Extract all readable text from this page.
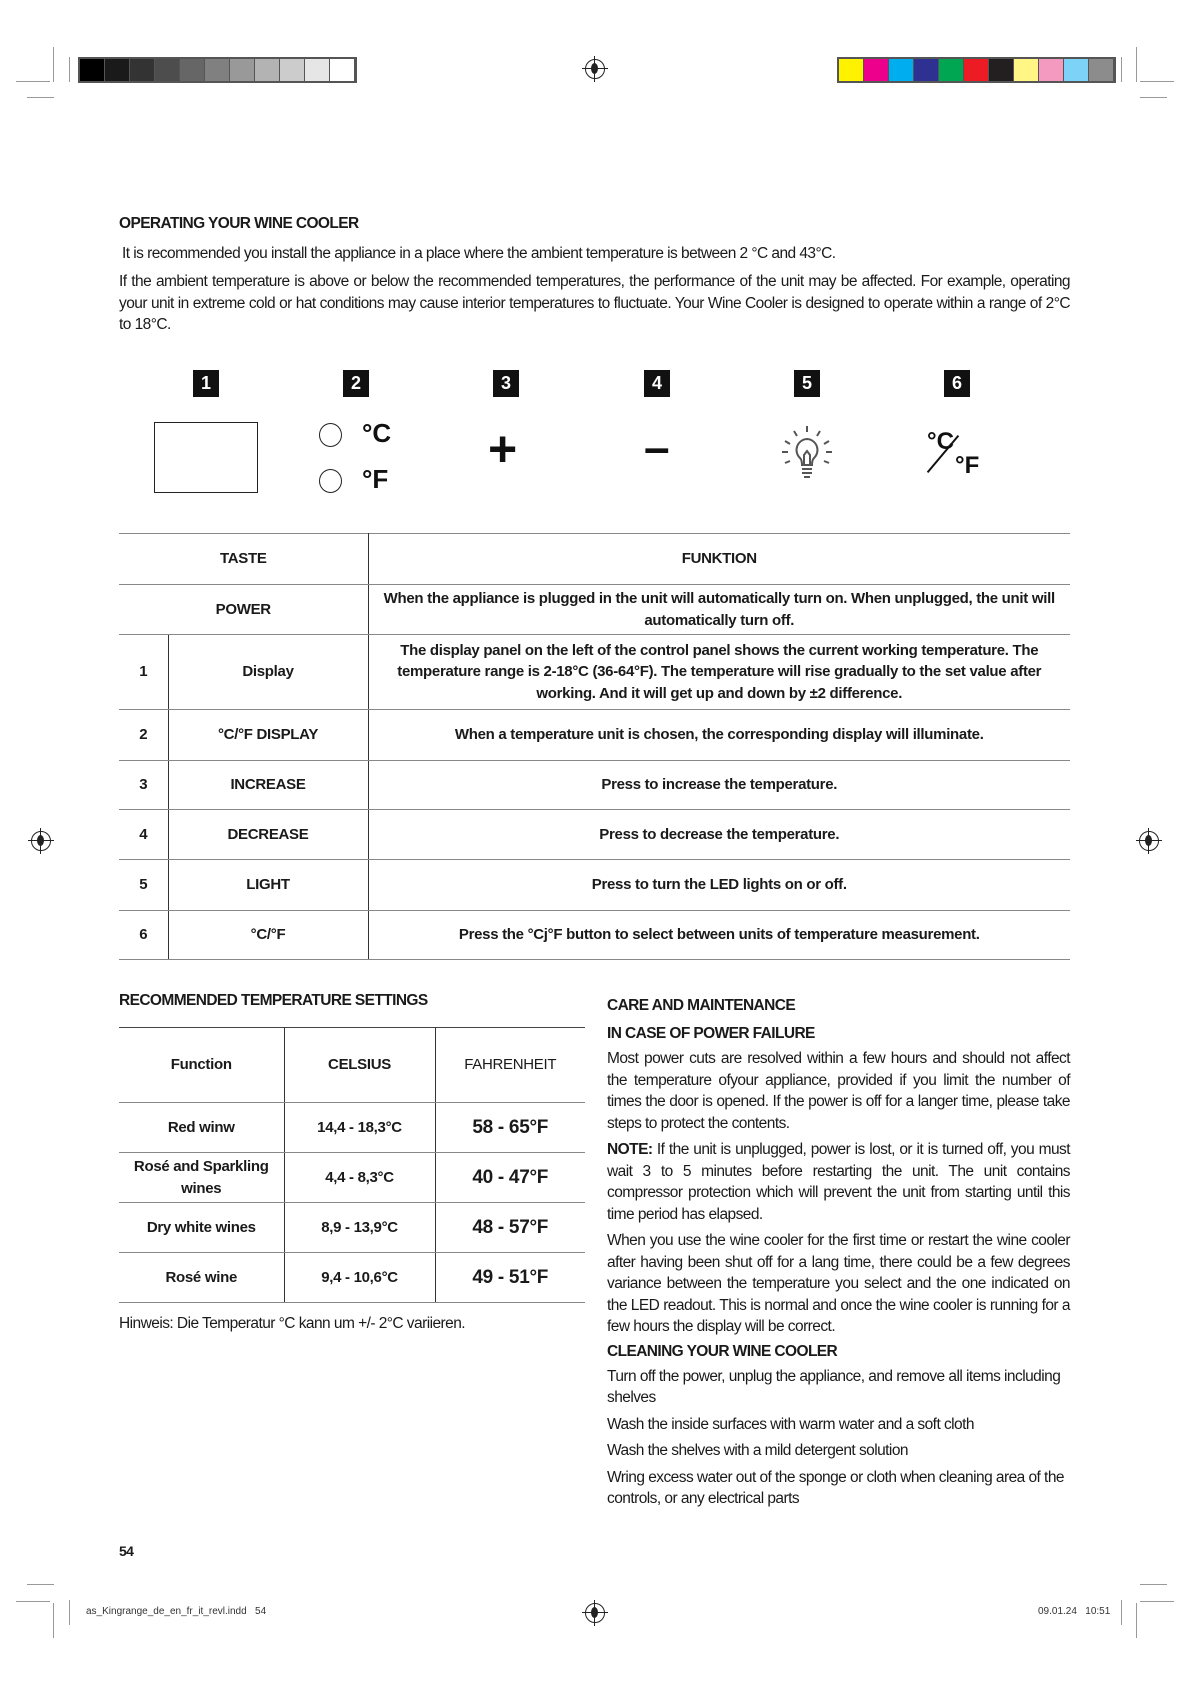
OPERATING YOUR WINE COOLER
It is recommended you install the appliance in a place where the ambient temperature is between 2 °C and 43°C.
If the ambient temperature is above or below the recommended temperatures, the performance of the unit may be affected. For example, operating your unit in extreme cold or hat conditions may cause interior temperatures to fluctuate. Your Wine Cooler is designed to operate within a range of 2°C to 18°C.
1	2	3	4	5	6
°C
°F
+	–	°C
°F
TASTE		FUNKTION
POWER		When the appliance is plugged in the unit will automatically turn on. When unplugged, the unit will automatically turn off.
1	Display	The display panel on the left of the control panel shows the current working temperature. The temperature range is 2-18°C (36-64°F). The temperature will rise gradually to the set value after working. And it will get up and down by ±2 difference.
2	°C/°F DISPLAY	When a temperature unit is chosen, the corresponding display will illuminate.
3	INCREASE	Press to increase the temperature.
4	DECREASE	Press to decrease the temperature.
5	LIGHT	Press to turn the LED lights on or off.
6	°C/°F	Press the °Cj°F button to select between units of temperature measurement.
RECOMMENDED TEMPERATURE SETTINGS
Function	CELSIUS	FAHRENHEIT
Red winw	14,4 - 18,3°C	58 - 65°F
Rosé and Sparkling wines	4,4 - 8,3°C	40 - 47°F
Dry white wines	8,9 - 13,9°C	48 - 57°F
Rosé wine	9,4 - 10,6°C	49 - 51°F
Hinweis: Die Temperatur °C kann um +/- 2°C variieren.
CARE AND MAINTENANCE
IN CASE OF POWER FAILURE
Most power cuts are resolved within a few hours and should not affect the temperature ofyour appliance, provided if you limit the number of times the door is opened. If the power is off for a langer time, please take steps to protect the contents.
NOTE: If the unit is unplugged, power is lost, or it is turned off, you must wait 3 to 5 minutes before restarting the unit. The unit contains compressor protection which will prevent the unit from starting until this time period has elapsed.
When you use the wine cooler for the first time or restart the wine cooler after having been shut off for a lang time, there could be a few degrees variance between the temperature you select and the one indicated on the LED readout. This is normal and once the wine cooler is running for a few hours the display will be correct.
CLEANING YOUR WINE COOLER
Turn off the power, unplug the appliance, and remove all items including shelves
Wash the inside surfaces with warm water and a soft cloth
Wash the shelves with a mild detergent solution
Wring excess water out of the sponge or cloth when cleaning area of the controls, or any electrical parts
54
as_Kingrange_de_en_fr_it_revl.indd   54	09.01.24   10:51
